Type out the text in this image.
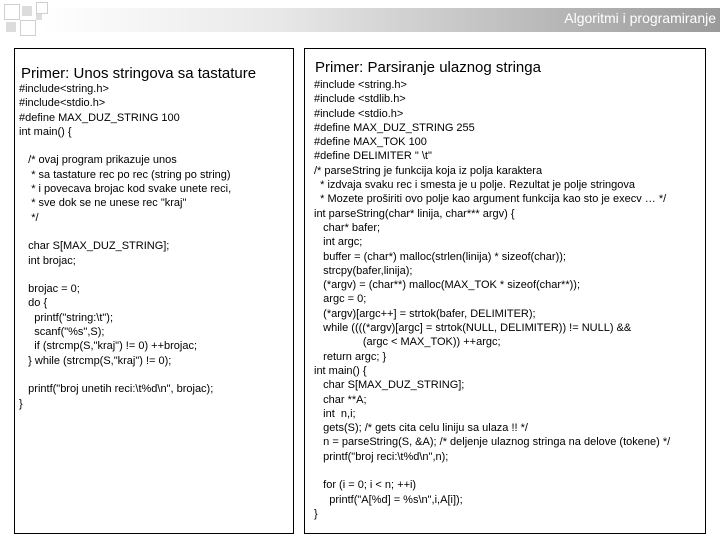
Algoritmi i programiranje
Primer: Unos stringova sa tastature
#include<string.h>
#include<stdio.h>
#define MAX_DUZ_STRING 100
int main() {

/* ovaj program prikazuje unos
* sa tastature rec po rec (string po string)
* i povecava brojac kod svake unete reci,
* sve dok se ne unese rec "kraj"
*/

char S[MAX_DUZ_STRING];
int brojac;

brojac = 0;
do {
printf("string:\t");
scanf("%s",S);
if (strcmp(S,"kraj") != 0) ++brojac;
} while (strcmp(S,"kraj") != 0);

printf("broj unetih reci:\t%d\n", brojac);
}
Primer: Parsiranje ulaznog stringa
#include <string.h>
#include <stdlib.h>
#include <stdio.h>
#define MAX_DUZ_STRING 255
#define MAX_TOK 100
#define DELIMITER " \t"
/* parseString je funkcija koja iz polja karaktera
* izdvaja svaku rec i smesta je u polje. Rezultat je polje stringova
* Mozete proširiti ovo polje kao argument funkcija kao sto je execv … */
int parseString(char* linija, char*** argv) {
char* bafer;
int argc;
buffer = (char*) malloc(strlen(linija) * sizeof(char));
strcpy(bafer,linija);
(*argv) = (char**) malloc(MAX_TOK * sizeof(char**));
argc = 0;
(*argv)[argc++] = strtok(bafer, DELIMITER);
while ((((*argv)[argc] = strtok(NULL, DELIMITER)) != NULL) &&
(argc < MAX_TOK)) ++argc;
return argc; }
int main() {
char S[MAX_DUZ_STRING];
char **A;
int  n,i;
gets(S); /* gets cita celu liniju sa ulaza !! */
n = parseString(S, &A); /* deljenje ulaznog stringa na delove (tokene) */
printf("broj reci:\t%d\n",n);

for (i = 0; i < n; ++i)
printf("A[%d] = %s\n",i,A[i]);
}
